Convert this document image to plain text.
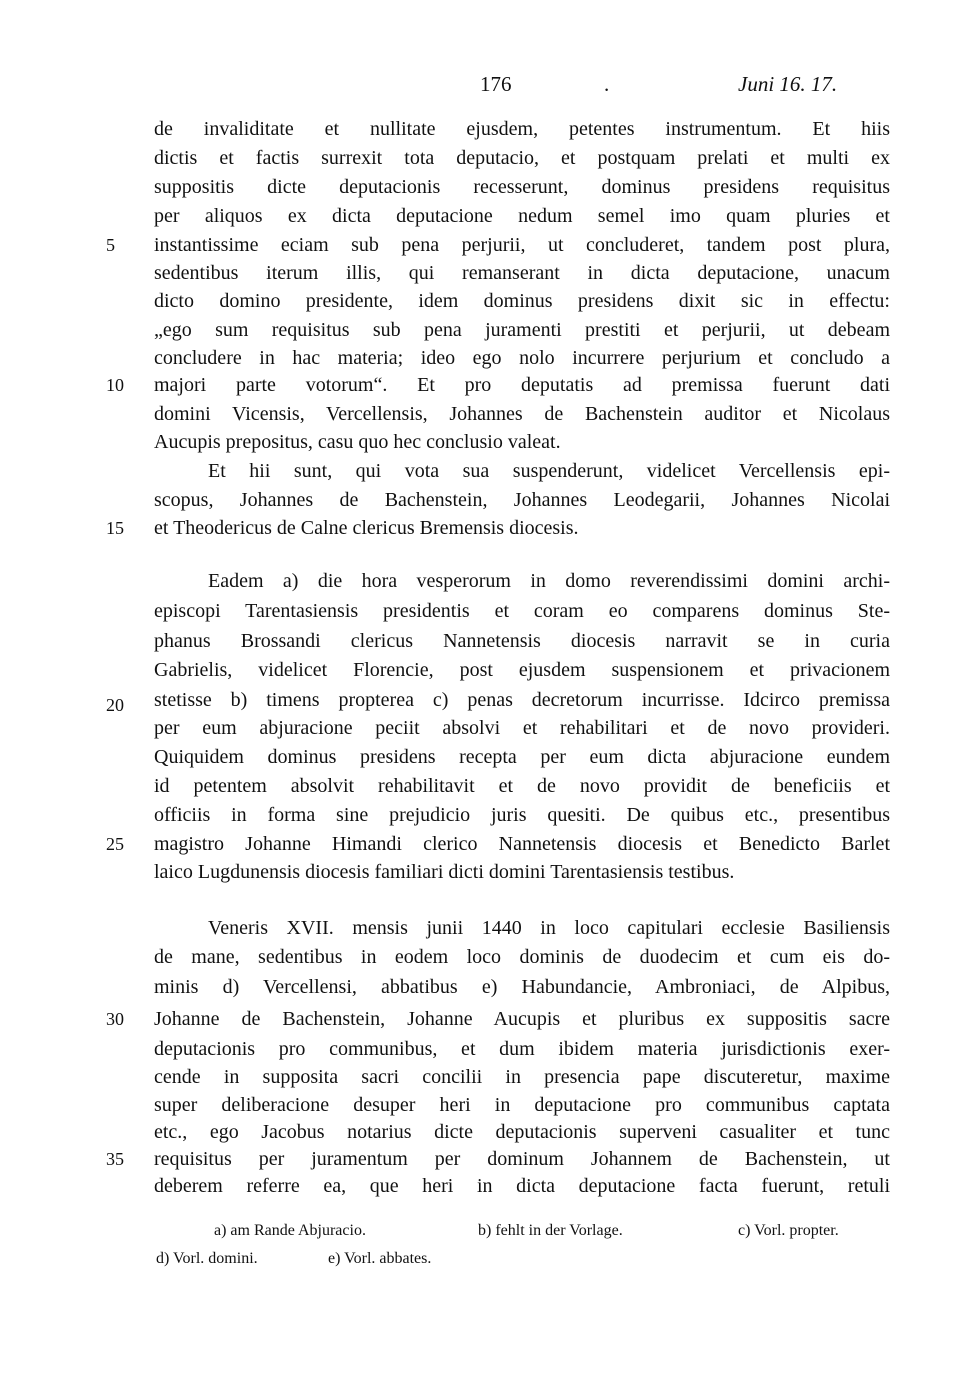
176	.	Juni 16. 17.
5
10
15
20
25
30
35
de invaliditate et nullitate ejusdem, petentes instrumentum. Et hiis
dictis et factis surrexit tota deputacio, et postquam prelati et multi ex
suppositis dicte deputacionis recesserunt, dominus presidens requisitus
per aliquos ex dicta deputacione nedum semel imo quam pluries et
instantissime eciam sub pena perjurii, ut concluderet, tandem post plura,
sedentibus iterum illis, qui remanserant in dicta deputacione, unacum
dicto domino presidente, idem dominus presidens dixit sic in effectu:
„ego sum requisitus sub pena juramenti prestiti et perjurii, ut debeam
concludere in hac materia; ideo ego nolo incurrere perjurium et concludo a
majori parte votorum“. Et pro deputatis ad premissa fuerunt dati
domini Vicensis, Vercellensis, Johannes de Bachenstein auditor et Nicolaus
Aucupis prepositus, casu quo hec conclusio valeat.
Et hii sunt, qui vota sua suspenderunt, videlicet Vercellensis epi-
scopus, Johannes de Bachenstein, Johannes Leodegarii, Johannes Nicolai
et Theodericus de Calne clericus Bremensis diocesis.
Eadem a) die hora vesperorum in domo reverendissimi domini archi-
episcopi Tarentasiensis presidentis et coram eo comparens dominus Ste-
phanus Brossandi clericus Nannetensis diocesis narravit se in curia
Gabrielis, videlicet Florencie, post ejusdem suspensionem et privacionem
stetisse b) timens propterea c) penas decretorum incurrisse. Idcirco premissa
per eum abjuracione peciit absolvi et rehabilitari et de novo provideri.
Quiquidem dominus presidens recepta per eum dicta abjuracione eundem
id petentem absolvit rehabilitavit et de novo providit de beneficiis et
officiis in forma sine prejudicio juris quesiti. De quibus etc., presentibus
magistro Johanne Himandi clerico Nannetensis diocesis et Benedicto Barlet
laico Lugdunensis diocesis familiari dicti domini Tarentasiensis testibus.
Veneris XVII. mensis junii 1440 in loco capitulari ecclesie Basiliensis
de mane, sedentibus in eodem loco dominis de duodecim et cum eis do-
minis d) Vercellensi, abbatibus e) Habundancie, Ambroniaci, de Alpibus,
Johanne de Bachenstein, Johanne Aucupis et pluribus ex suppositis sacre
deputacionis pro communibus, et dum ibidem materia jurisdictionis exer-
cende in supposita sacri concilii in presencia pape discuteretur, maxime
super deliberacione desuper heri in deputacione pro communibus captata
etc., ego Jacobus notarius dicte deputacionis superveni casualiter et tunc
requisitus per juramentum per dominum Johannem de Bachenstein, ut
deberem referre ea, que heri in dicta deputacione facta fuerunt, retuli
a) am Rande Abjuracio.	b) fehlt in der Vorlage.	c) Vorl. propter.
d) Vorl. domini.	e) Vorl. abbates.
